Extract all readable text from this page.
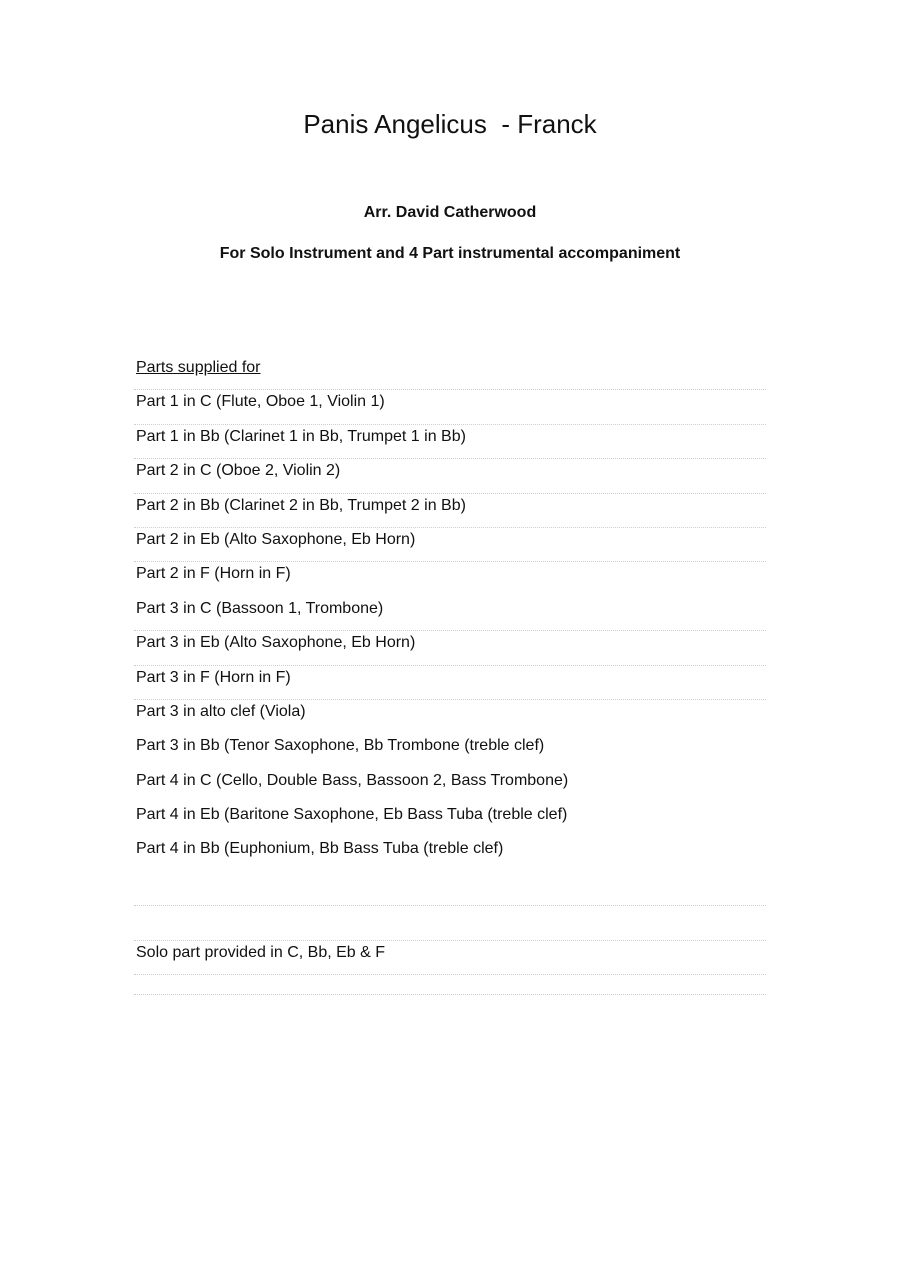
Panis Angelicus  - Franck
Arr. David Catherwood
For Solo Instrument and 4 Part instrumental accompaniment
Parts supplied for
Part 1 in C (Flute, Oboe 1, Violin 1)
Part 1 in Bb (Clarinet 1 in Bb, Trumpet 1 in Bb)
Part 2 in C (Oboe 2, Violin 2)
Part 2 in Bb (Clarinet 2 in Bb, Trumpet 2 in Bb)
Part 2 in Eb (Alto Saxophone, Eb Horn)
Part 2 in F (Horn in F)
Part 3 in C (Bassoon 1, Trombone)
Part 3 in Eb (Alto Saxophone, Eb Horn)
Part 3 in F (Horn in F)
Part 3 in alto clef (Viola)
Part 3 in Bb (Tenor Saxophone, Bb Trombone (treble clef)
Part 4 in C (Cello, Double Bass, Bassoon 2, Bass Trombone)
Part 4 in Eb (Baritone Saxophone, Eb Bass Tuba (treble clef)
Part 4 in Bb (Euphonium, Bb Bass Tuba (treble clef)
Solo part provided in C, Bb, Eb & F
